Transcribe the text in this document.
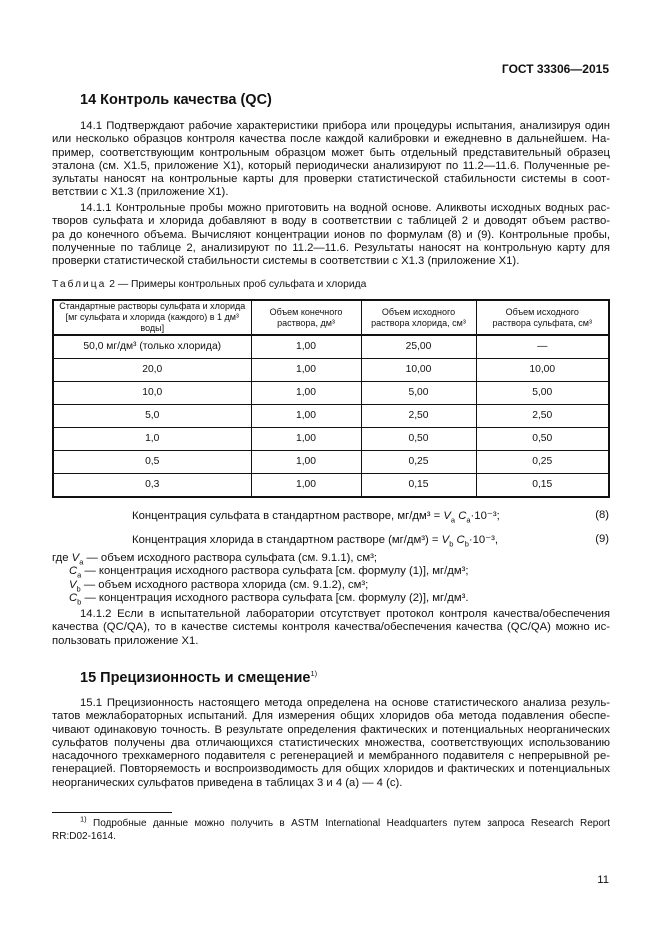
ГОСТ 33306—2015
14 Контроль качества (QC)
14.1 Подтверждают рабочие характеристики прибора или процедуры испытания, анализируя один
или несколько образцов контроля качества после каждой калибровки и ежедневно в дальнейшем. На-
пример, соответствующим контрольным образцом может быть отдельный представительный образец
эталона (см. X1.5, приложение X1), который периодически анализируют по 11.2—11.6. Полученные ре-
зультаты наносят на контрольные карты для проверки статистической стабильности системы в соот-
ветствии с X1.3 (приложение X1).
14.1.1 Контрольные пробы можно приготовить на водной основе. Аликвоты исходных водных рас-
творов сульфата и хлорида добавляют в воду в соответствии с таблицей 2 и доводят объем раство-
ра до конечного объема. Вычисляют концентрации ионов по формулам (8) и (9). Контрольные пробы,
полученные по таблице 2, анализируют по 11.2—11.6. Результаты наносят на контрольную карту для
проверки статистической стабильности системы в соответствии с X1.3 (приложение X1).
Таблица 2 — Примеры контрольных проб сульфата и хлорида
Стандартные растворы сульфата и хлорида
[мг сульфата и хлорида (каждого) в 1 дм³ воды]	Объем конечного
раствора, дм³	Объем исходного
раствора хлорида, см³	Объем исходного
раствора сульфата, см³
50,0 мг/дм³ (только хлорида)	1,00	25,00	—
20,0	1,00	10,00	10,00
10,0	1,00	5,00	5,00
5,0	1,00	2,50	2,50
1,0	1,00	0,50	0,50
0,5	1,00	0,25	0,25
0,3	1,00	0,15	0,15
Концентрация сульфата в стандартном растворе, $мг/дм^3 = V_a$ $C_a\cdot 10^{-3}$;	(8)
Концентрация хлорида в стандартном растворе $(мг/дм^3) = V_b$ $C_b\cdot 10^{-3}$,	(9)
где $V_a$ — объем исходного раствора сульфата (см. 9.1.1), см³;
$C_a$ — концентрация исходного раствора сульфата [см. формулу (1)], мг/дм³;
$V_b$ — объем исходного раствора хлорида (см. 9.1.2), см³;
$C_b$ — концентрация исходного раствора сульфата [см. формулу (2)], мг/дм³.
14.1.2 Если в испытательной лаборатории отсутствует протокол контроля качества/обеспечения
качества (QC/QA), то в качестве системы контроля качества/обеспечения качества (QC/QA) можно ис-
пользовать приложение X1.
15 Прецизионность и смещение$^{1)}$
15.1 Прецизионность настоящего метода определена на основе статистического анализа резуль-
татов межлабораторных испытаний. Для измерения общих хлоридов оба метода подавления обеспе-
чивают одинаковую точность. В результате определения фактических и потенциальных неорганических
сульфатов получены два отличающихся статистических множества, соответствующих использованию
насадочного трехкамерного подавителя с регенерацией и мембранного подавителя с непрерывной ре-
генерацией. Повторяемость и воспроизводимость для общих хлоридов и фактических и потенциальных
неорганических сульфатов приведена в таблицах 3 и 4 (а) — 4 (с).
$^{1)}$ Подробные данные можно получить в ASTM International Headquarters путем запроса Research Report
RR:D02-1614.
11
